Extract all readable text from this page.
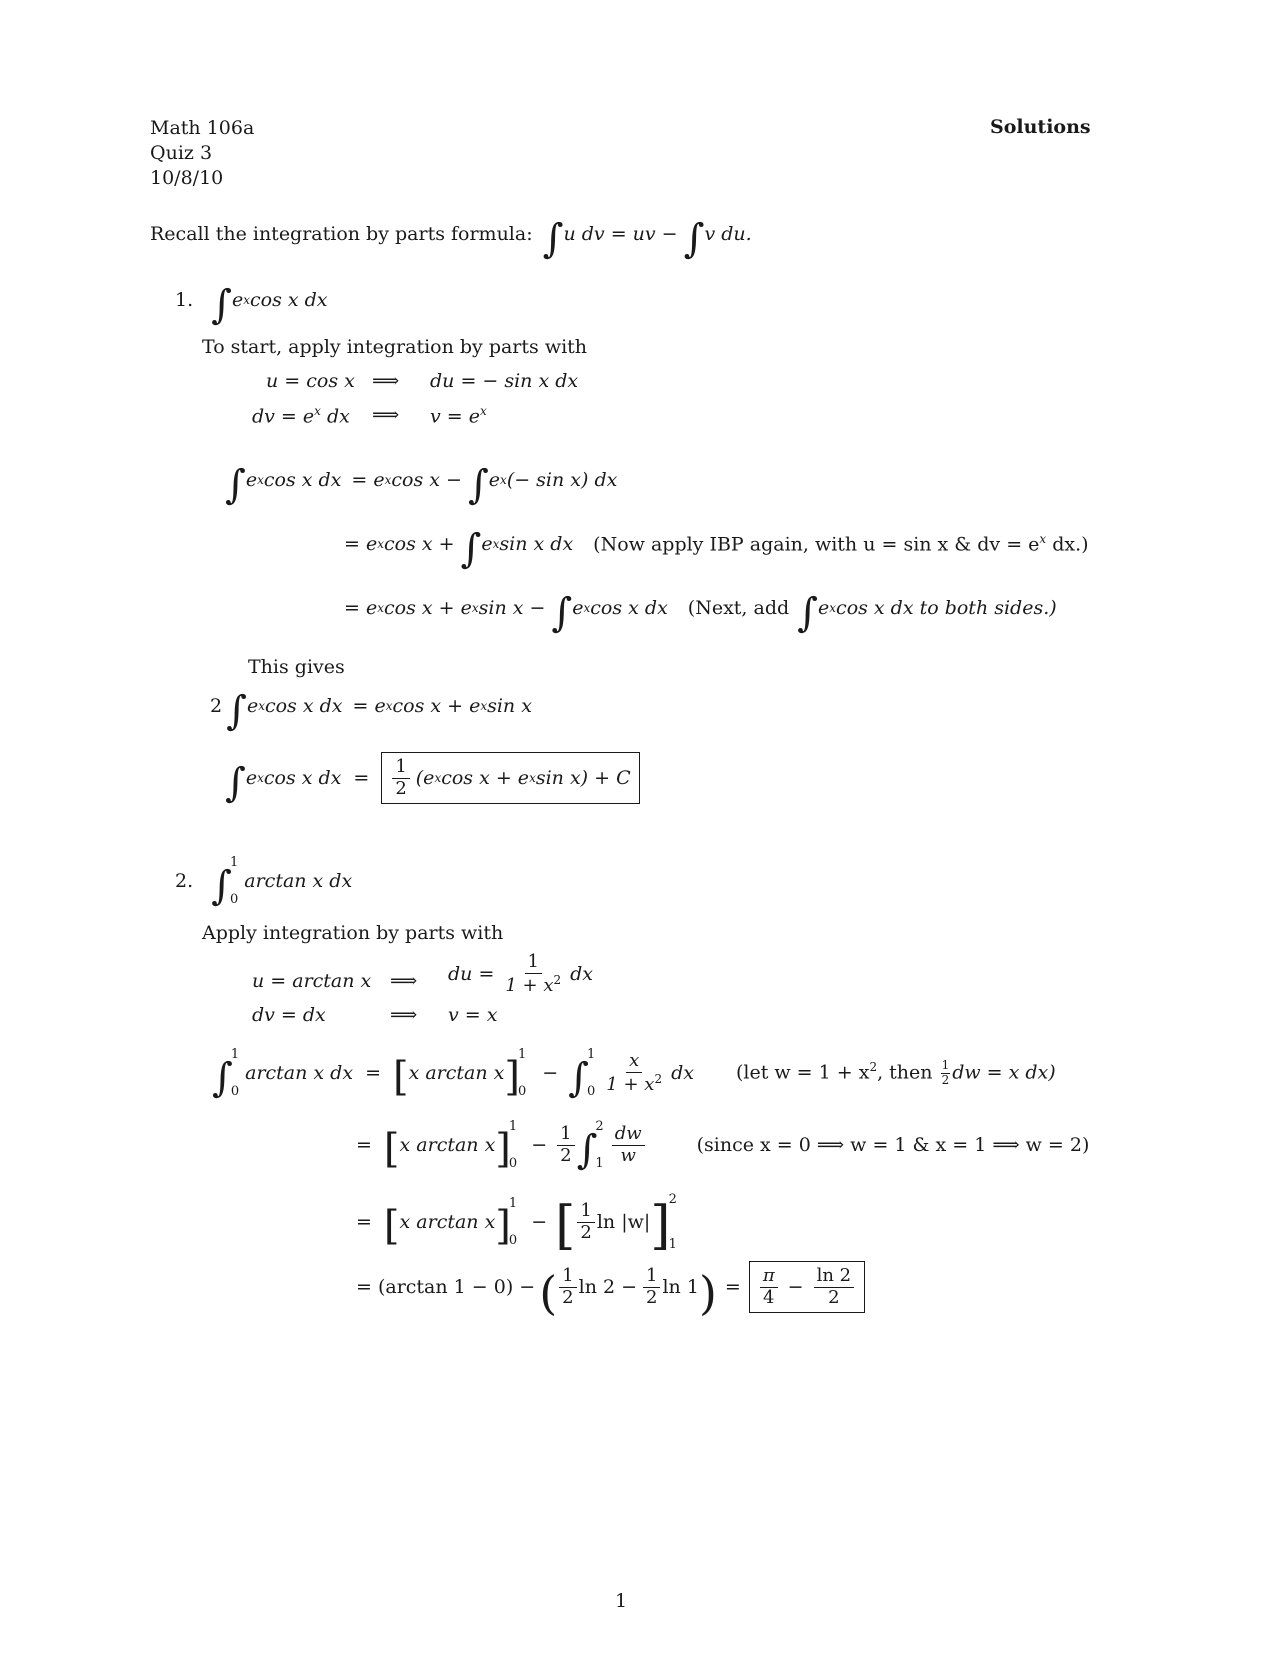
Math 106a
Quiz 3
10/8/10
Solutions
Recall the integration by parts formula: ∫ u
dv
= uv − ∫ v
du.
1. ∫ e x cos x dx
To start, apply integration by parts with
u = cos x ⟹ du = − sin x dx
dv = $e^x$ dx ⟹ $v = e^x$
∫ e x cos x dx = e x cos x − ∫ e x (− sin x) dx
= e x cos x + ∫ e x sin x dx (Now apply IBP again, with u = sin x & dv = $e^x$ dx.)
= e x cos x + e x sin x − ∫ e x cos x dx (Next, add ∫ e x cos x dx to both sides.)
This gives
2 ∫ e x cos x dx = e x cos x + e x sin x
∫ e x cos x dx = $\frac{1}{2} (e$ x cos x + e x sin x) + C
2. ∫
1
0
arctan x dx
Apply integration by parts with
u = arctan x ⟹ du = $\frac{1}{1 + x^2}$ dx
dv = dx	⟹ v = x
∫
1
0
arctan x dx = [ x arctan x ]
1
0
− ∫
1
$0 \frac{x}{1 + x^2}$ dx (let $w = 1 + x^2$, then $\frac{1}{2}$ dw = x dx)
= [ x arctan x ]
1
0
− $\frac{1}{2}$ ∫
2
$1 \frac{dw}{w}$	(since x = 0 ⟹ w = 1 & x = 1 ⟹ w = 2)
= [ x arctan x ]
1
0
− [ $\frac{1}{2}$ ln |w| ]
2
1
= (arctan 1 − 0) − ( $\frac{1}{2}$ $\ln 2 - \frac{1}{2}$ ln 1 ) = $\frac{\pi}{4} - \frac{\ln 2}{2}$
1
